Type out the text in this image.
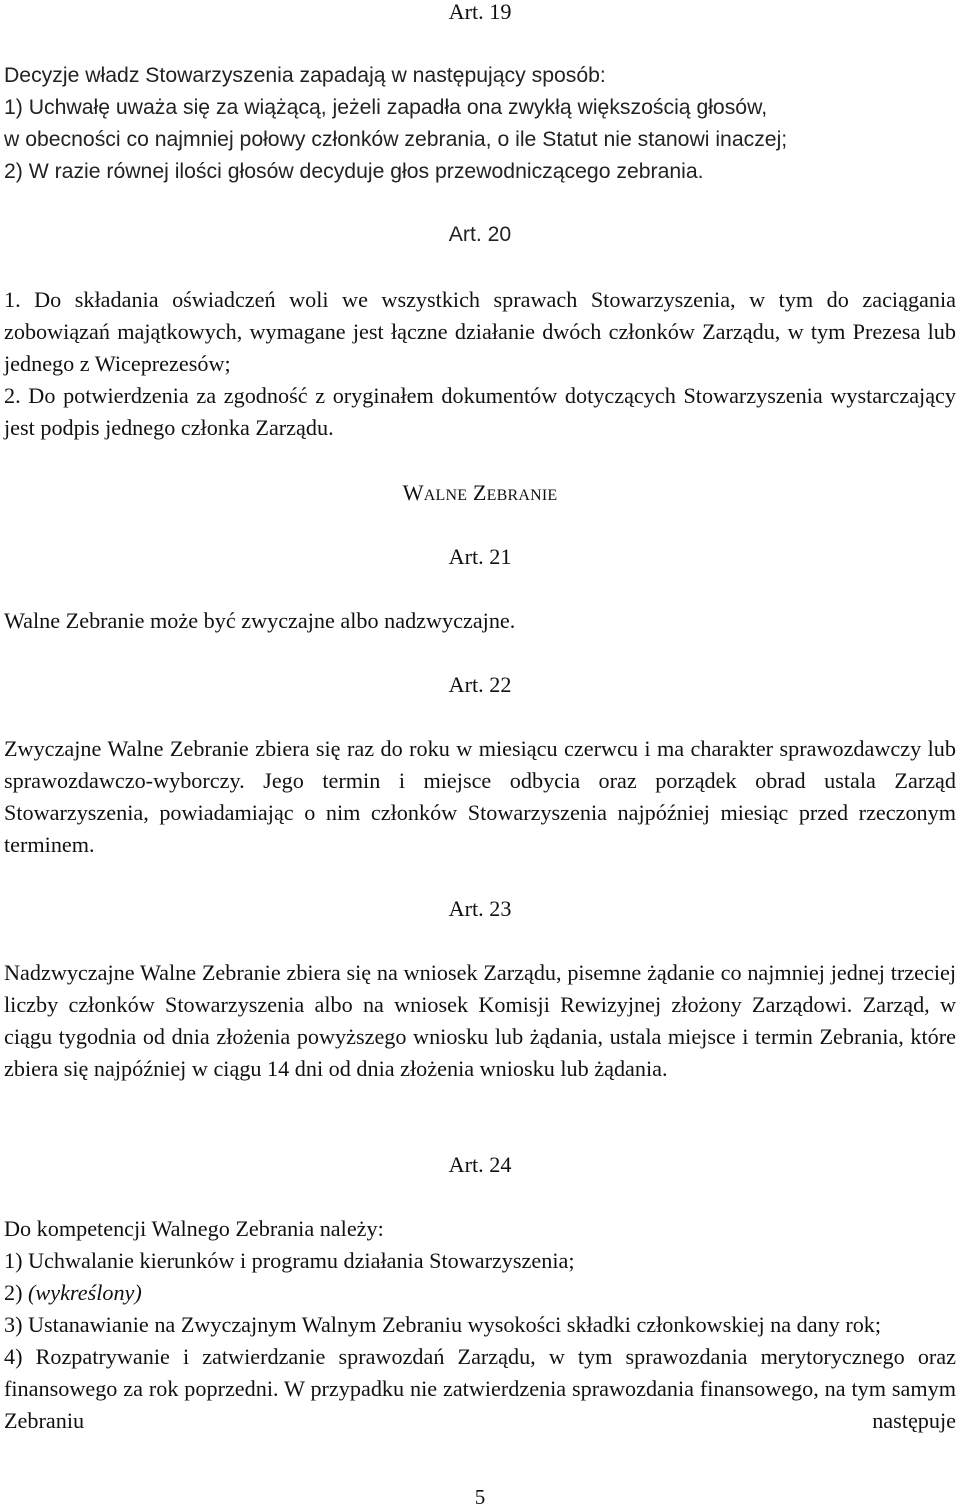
Art. 19

Decyzje władz Stowarzyszenia zapadają w następujący sposób:

1) Uchwałę uważa się za wiążącą, jeżeli zapadła ona zwykłą większością głosów,

w obecności co najmniej połowy członków zebrania, o ile Statut nie stanowi inaczej;

2) W razie równej ilości głosów decyduje głos przewodniczącego zebrania.

Art. 20

1. Do składania oświadczeń woli we wszystkich sprawach Stowarzyszenia, w tym do zaciągania zobowiązań majątkowych, wymagane jest łączne działanie dwóch członków Zarządu, w tym Prezesa lub jednego z Wiceprezesów;

2. Do potwierdzenia za zgodność z oryginałem dokumentów dotyczących Stowarzyszenia wystarczający jest podpis jednego członka Zarządu.

Walne Zebranie

Art. 21

Walne Zebranie może być zwyczajne albo nadzwyczajne.

Art. 22

Zwyczajne Walne Zebranie zbiera się raz do roku w miesiącu czerwcu i ma charakter sprawozdawczy lub sprawozdawczo-wyborczy. Jego termin i miejsce odbycia oraz porządek obrad ustala Zarząd Stowarzyszenia, powiadamiając o nim członków Stowarzyszenia najpóźniej miesiąc przed rzeczonym terminem.

Art. 23

Nadzwyczajne Walne Zebranie zbiera się na wniosek Zarządu, pisemne żądanie co najmniej jednej trzeciej liczby członków Stowarzyszenia albo na wniosek Komisji Rewizyjnej złożony Zarządowi. Zarząd, w ciągu tygodnia od dnia złożenia powyższego wniosku lub żądania, ustala miejsce i termin Zebrania, które zbiera się najpóźniej w ciągu 14 dni od dnia złożenia wniosku lub żądania.

Art. 24

Do kompetencji Walnego Zebrania należy:

1) Uchwalanie kierunków i programu działania Stowarzyszenia;

2) (wykreślony)

3) Ustanawianie na Zwyczajnym Walnym Zebraniu wysokości składki członkowskiej na dany rok;

4) Rozpatrywanie i zatwierdzanie sprawozdań Zarządu, w tym sprawozdania merytorycznego oraz finansowego za rok poprzedni. W przypadku nie zatwierdzenia sprawozdania finansowego, na tym samym Zebraniu następuje

5
